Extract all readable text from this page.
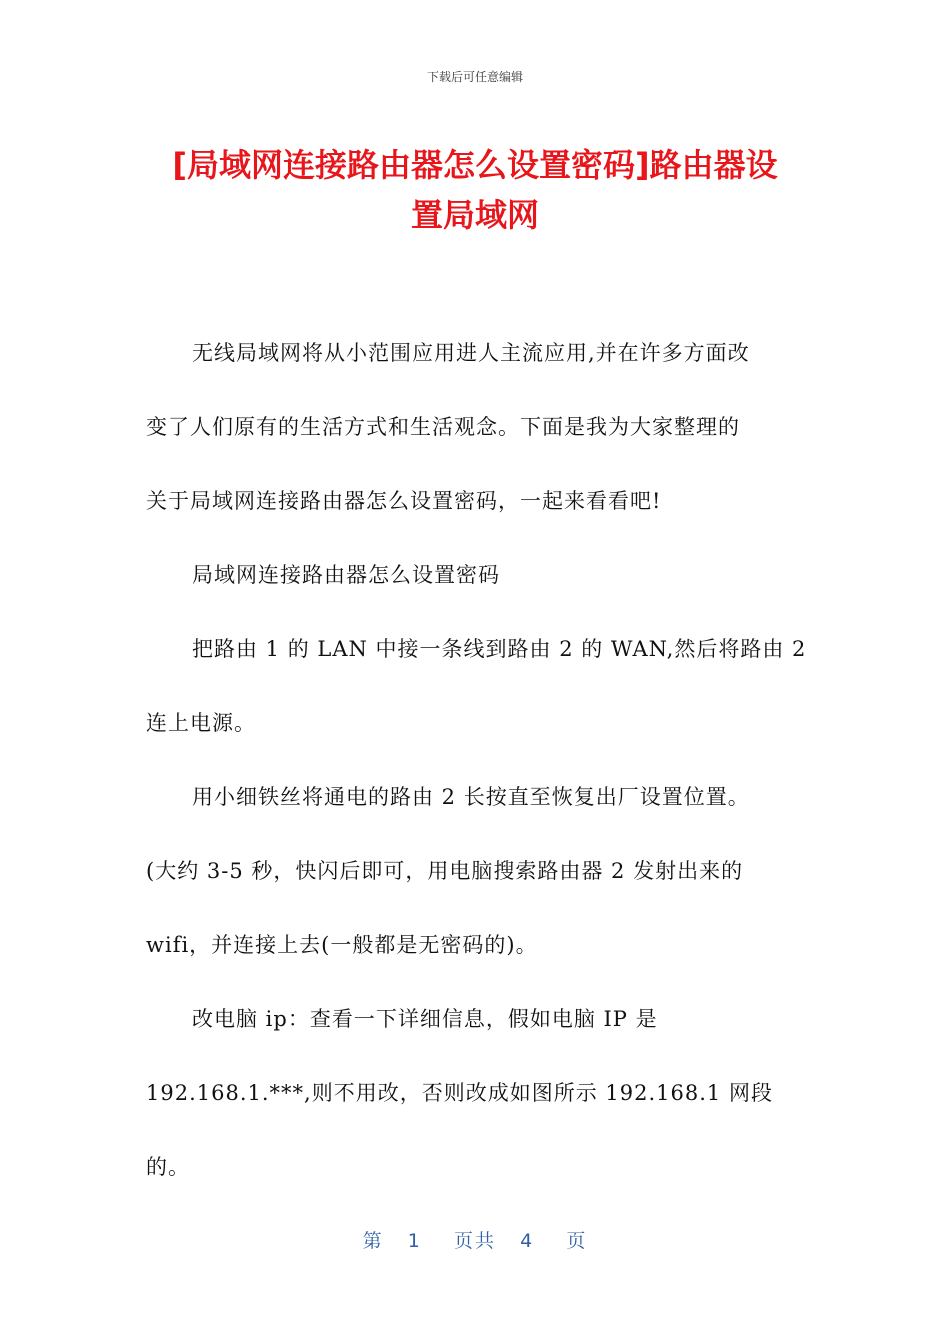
下载后可任意编辑
[局域网连接路由器怎么设置密码]路由器设
置局域网

无线局域网将从小范围应用进人主流应用,并在许多方面改
变了人们原有的生活方式和生活观念。下面是我为大家整理的
关于局域网连接路由器怎么设置密码，一起来看看吧!

局域网连接路由器怎么设置密码

把路由 1 的 LAN 中接一条线到路由 2 的 WAN,然后将路由 2
连上电源。

用小细铁丝将通电的路由 2 长按直至恢复出厂设置位置。
(大约 3-5 秒，快闪后即可，用电脑搜索路由器 2 发射出来的
wifi，并连接上去(一般都是无密码的)。

改电脑 ip：查看一下详细信息，假如电脑 IP 是
192.168.1.***,则不用改，否则改成如图所示 192.168.1 网段
的。

第 1 页共 4 页
